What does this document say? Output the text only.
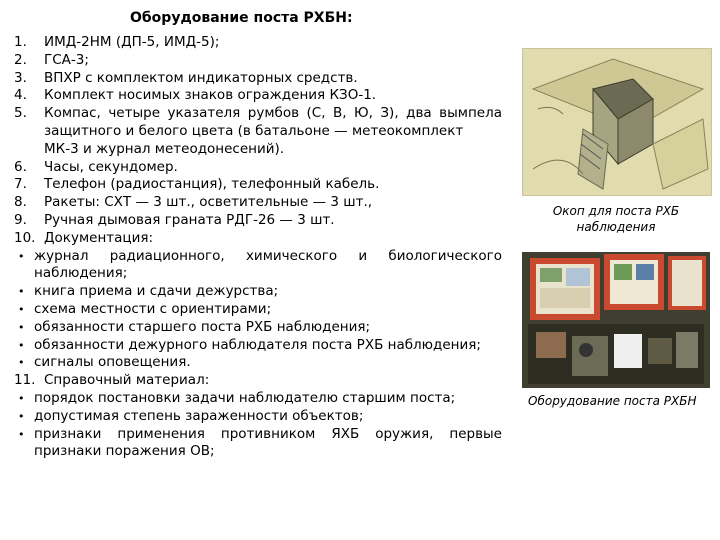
Оборудование поста РХБН:
1.	ИМД-2НМ (ДП-5, ИМД-5);
2.	ГСА-3;
3.	ВПХР с комплектом индикаторных средств.
4.	Комплект носимых знаков ограждения КЗО-1.
5.	Компас, четыре указателя румбов (С, В, Ю, З), два вымпела защитного и белого цвета (в батальоне — метеокомплект
МК-3 и журнал метеодонесений).
6.	Часы, секундомер.
7.	Телефон (радиостанция), телефонный кабель.
8.	Ракеты: СХТ — 3 шт., осветительные — 3 шт.,
9.	Ручная дымовая граната РДГ-26 — 3 шт.
10. Документация:
• журнал радиационного, химического и биологического наблюдения;
• книга приема и сдачи дежурства;
• схема местности с ориентирами;
• обязанности старшего поста РХБ наблюдения;
• обязанности дежурного наблюдателя поста РХБ наблюдения;
• сигналы оповещения.
11. Справочный материал:
• порядок постановки задачи наблюдателю старшим поста;
• допустимая степень зараженности объектов;
• признаки применения противником ЯХБ оружия, первые признаки поражения ОВ;
Окоп для поста РХБ наблюдения
Оборудование поста РХБН
